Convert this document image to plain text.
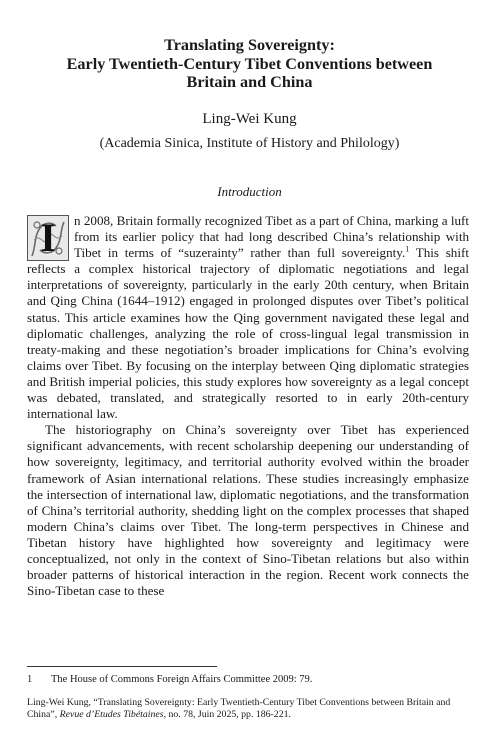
Translating Sovereignty:
Early Twentieth-Century Tibet Conventions between
Britain and China
Ling-Wei Kung
(Academia Sinica, Institute of History and Philology)
Introduction

I	n 2008, Britain formally recognized Tibet as a part of China, marking a luft from its earlier policy that had long described China’s relationship with Tibet in terms of “suzerainty” rather than full sovereignty.$^1$ This shift reflects a complex historical trajectory of diplomatic negotiations and legal interpretations of sovereignty, particularly in the early 20th century, when Britain and Qing China (1644–1912) engaged in prolonged disputes over Tibet’s political status. This article examines how the Qing government navigated these legal and diplomatic challenges, analyzing the role of cross-lingual legal transmission in treaty-making and these negotiation’s broader implications for China’s evolving claims over Tibet. By focusing on the interplay between Qing diplomatic strategies and British imperial policies, this study explores how sovereignty as a legal concept was debated, translated, and strategically resorted to in early 20th-century international law.

The historiography on China’s sovereignty over Tibet has experienced significant advancements, with recent scholarship deepening our understanding of how sovereignty, legitimacy, and territorial authority evolved within the broader framework of Asian international relations. These studies increasingly emphasize the intersection of international law, diplomatic negotiations, and the transformation of China’s territorial authority, shedding light on the complex processes that shaped modern China’s claims over Tibet. The long-term perspectives in Chinese and Tibetan history have highlighted how sovereignty and legitimacy were conceptualized, not only in the context of Sino-Tibetan relations but also within broader patterns of historical interaction in the region. Recent work connects the Sino-Tibetan case to these

1 The House of Commons Foreign Affairs Committee 2009: 79.
Ling-Wei Kung, “Translating Sovereignty: Early Twentieth-Century Tibet Conventions between Britain and China”, Revue d’Etudes Tibétaines, no. 78, Juin 2025, pp. 186-221.
